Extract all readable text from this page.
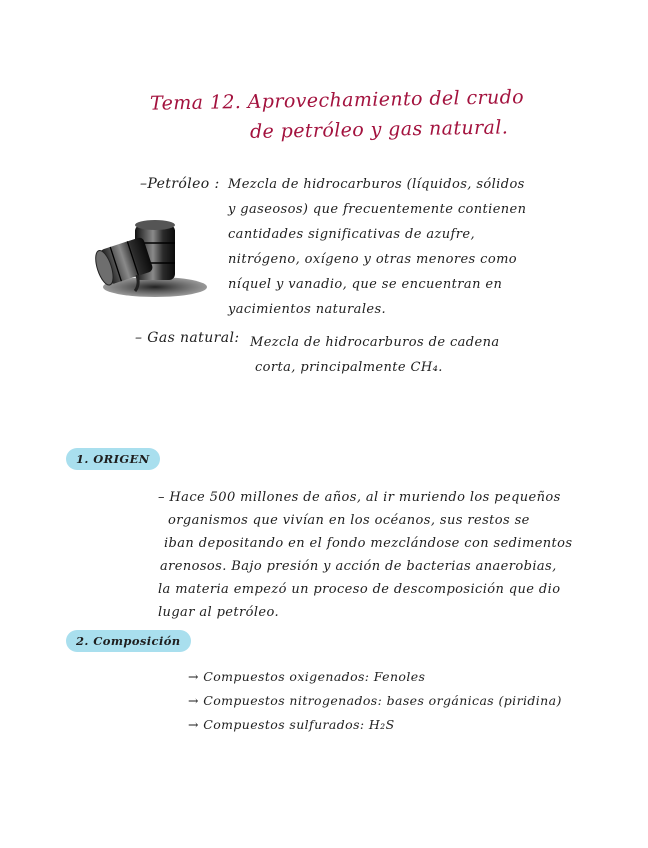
Tema 12. Aprovechamiento del crudo
de petróleo y gas natural.
–Petróleo : Mezcla de hidrocarburos (líquidos, sólidos
y gaseosos) que frecuentemente contienen
cantidades significativas de azufre,
nitrógeno, oxígeno y otras menores como
níquel y vanadio, que se encuentran en
yacimientos naturales.
– Gas natural: Mezcla de hidrocarburos de cadena
corta, principalmente CH₄.
1. ORIGEN
– Hace 500 millones de años, al ir muriendo los pequeños
organismos que vivían en los océanos, sus restos se
iban depositando en el fondo mezclándose con sedimentos
arenosos. Bajo presión y acción de bacterias anaerobias,
la materia empezó un proceso de descomposición que dio
lugar al petróleo.
2. Composición
→ Compuestos oxigenados: Fenoles
→ Compuestos nitrogenados: bases orgánicas (piridina)
→ Compuestos sulfurados: H₂S
